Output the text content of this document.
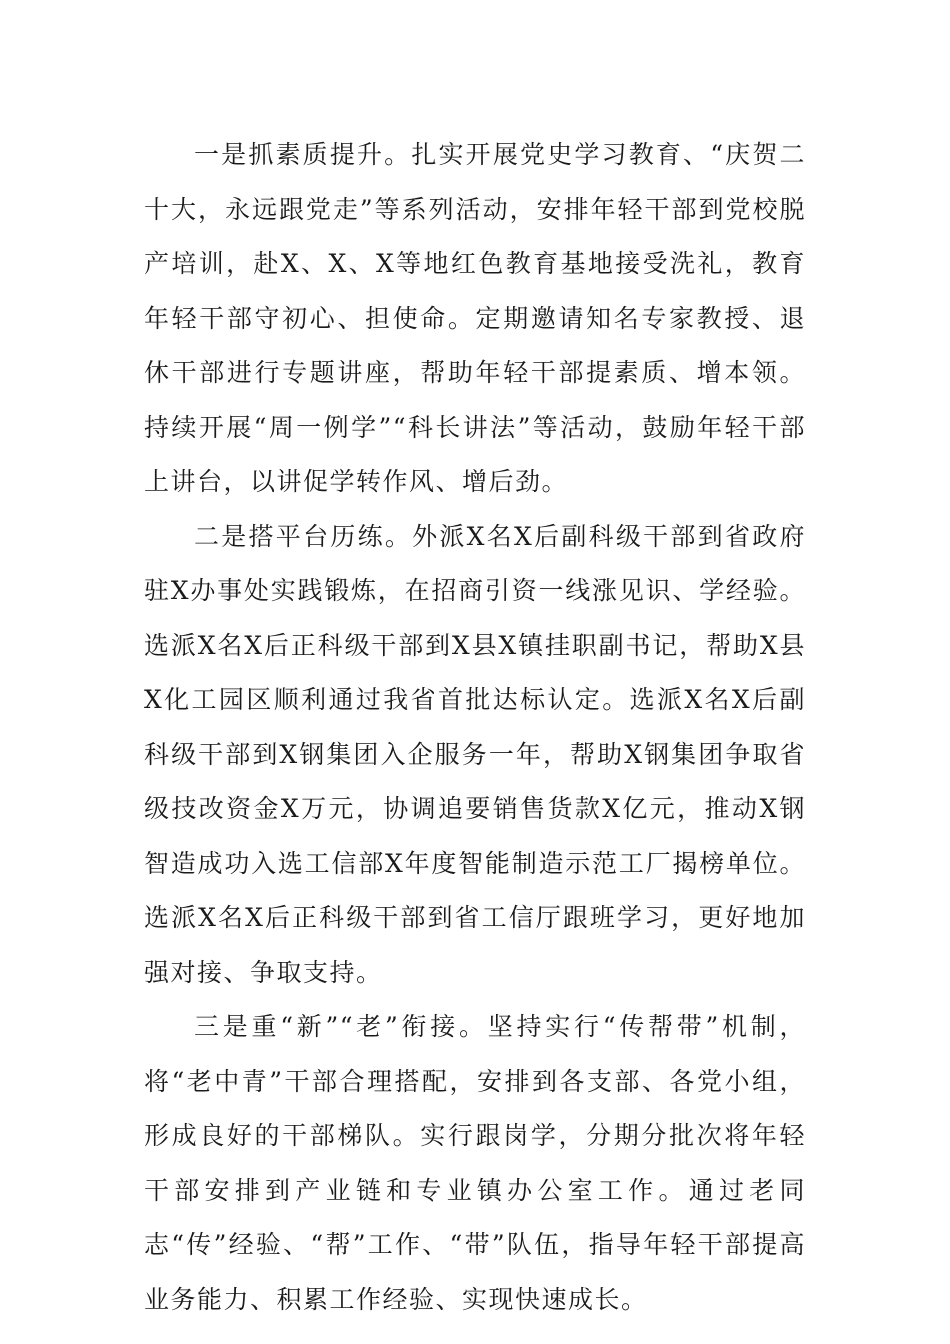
一是抓素质提升。扎实开展党史学习教育、“庆贺二十大，永远跟党走”等系列活动，安排年轻干部到党校脱产培训，赴X、X、X等地红色教育基地接受洗礼，教育年轻干部守初心、担使命。定期邀请知名专家教授、退休干部进行专题讲座，帮助年轻干部提素质、增本领。持续开展“周一例学”“科长讲法”等活动，鼓励年轻干部上讲台，以讲促学转作风、增后劲。

二是搭平台历练。外派X名X后副科级干部到省政府驻X办事处实践锻炼，在招商引资一线涨见识、学经验。选派X名X后正科级干部到X县X镇挂职副书记，帮助X县X化工园区顺利通过我省首批达标认定。选派X名X后副科级干部到X钢集团入企服务一年，帮助X钢集团争取省级技改资金X万元，协调追要销售货款X亿元，推动X钢智造成功入选工信部X年度智能制造示范工厂揭榜单位。选派X名X后正科级干部到省工信厅跟班学习，更好地加强对接、争取支持。

三是重“新”“老”衔接。坚持实行“传帮带”机制，将“老中青”干部合理搭配，安排到各支部、各党小组，形成良好的干部梯队。实行跟岗学，分期分批次将年轻干部安排到产业链和专业镇办公室工作。通过老同志“传”经验、“帮”工作、“带”队伍，指导年轻干部提高业务能力、积累工作经验、实现快速成长。
